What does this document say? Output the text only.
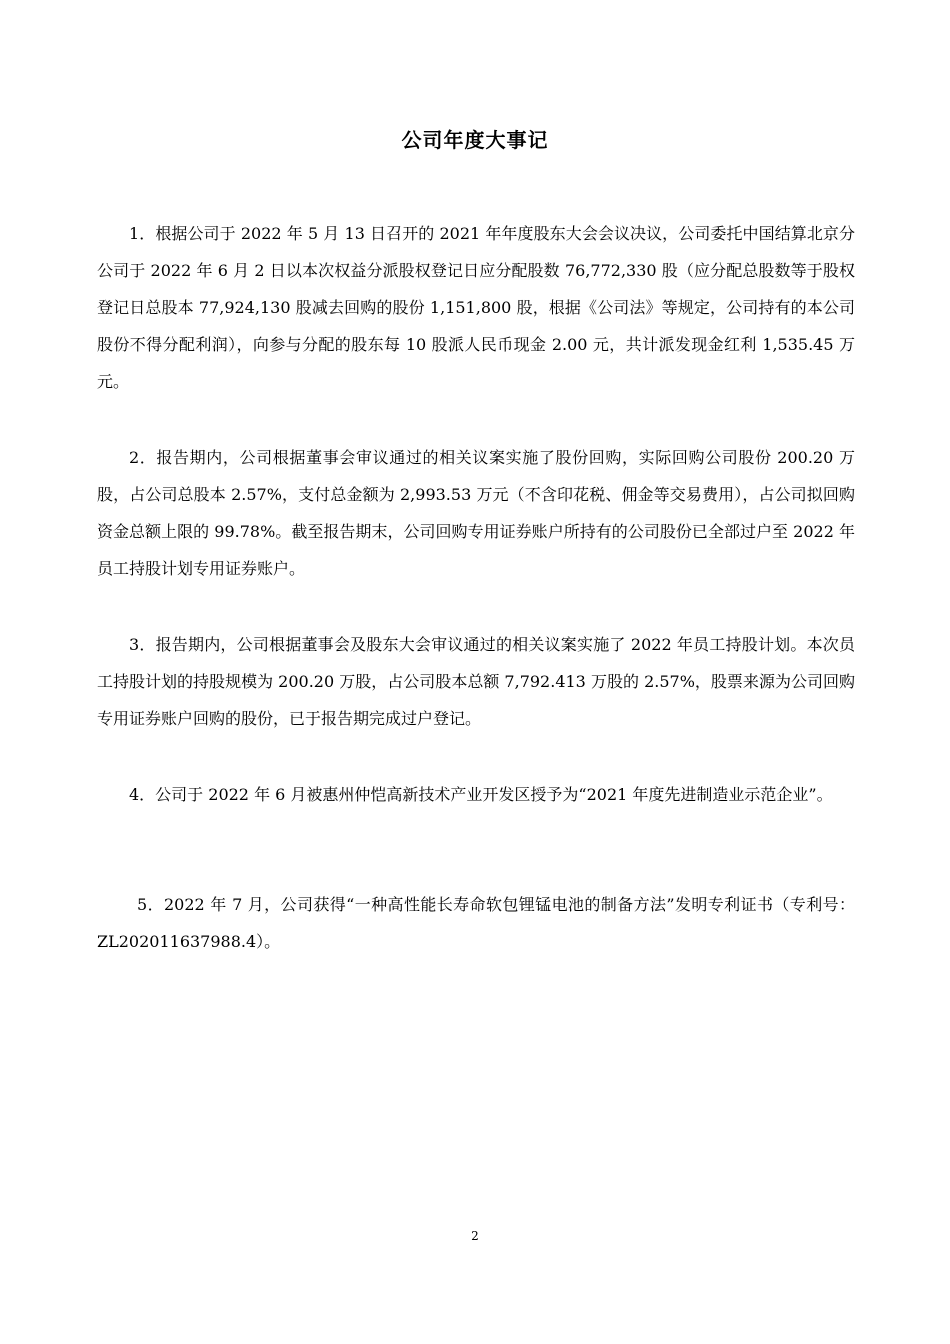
公司年度大事记

1．根据公司于 2022 年 5 月 13 日召开的 2021 年年度股东大会会议决议，公司委托中国结算北京分公司于 2022 年 6 月 2 日以本次权益分派股权登记日应分配股数 76,772,330 股（应分配总股数等于股权登记日总股本 77,924,130 股减去回购的股份 1,151,800 股，根据《公司法》等规定，公司持有的本公司股份不得分配利润），向参与分配的股东每 10 股派人民币现金 2.00 元，共计派发现金红利 1,535.45 万元。

2．报告期内，公司根据董事会审议通过的相关议案实施了股份回购，实际回购公司股份 200.20 万股，占公司总股本 2.57%，支付总金额为 2,993.53 万元（不含印花税、佣金等交易费用），占公司拟回购资金总额上限的 99.78%。截至报告期末，公司回购专用证券账户所持有的公司股份已全部过户至 2022 年员工持股计划专用证券账户。

3．报告期内，公司根据董事会及股东大会审议通过的相关议案实施了 2022 年员工持股计划。本次员工持股计划的持股规模为 200.20 万股，占公司股本总额 7,792.413 万股的 2.57%，股票来源为公司回购专用证券账户回购的股份，已于报告期完成过户登记。

4．公司于 2022 年 6 月被惠州仲恺高新技术产业开发区授予为“2021 年度先进制造业示范企业”。

5．2022 年 7 月，公司获得“一种高性能长寿命软包锂锰电池的制备方法”发明专利证书（专利号：ZL202011637988.4）。

2
